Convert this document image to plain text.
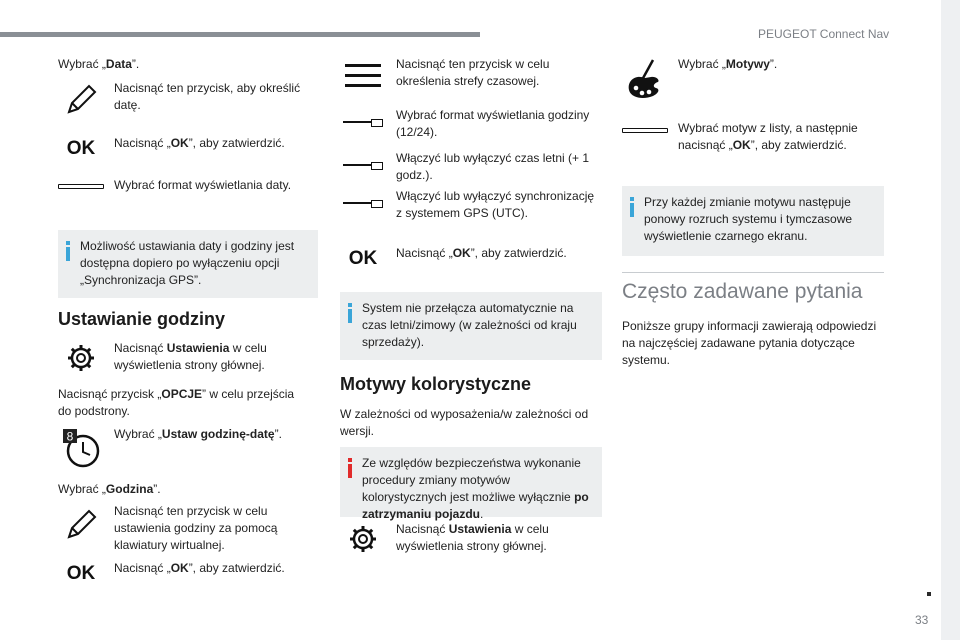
PEUGEOT Connect Nav
33
Wybrać „Data”.
Nacisnąć ten przycisk, aby określić datę.
OK Nacisnąć „OK”, aby zatwierdzić.
Wybrać format wyświetlania daty.
Możliwość ustawiania daty i godziny jest dostępna dopiero po wyłączeniu opcji „Synchronizacja GPS”.
Ustawianie godziny
Nacisnąć Ustawienia w celu wyświetlenia strony głównej.
Nacisnąć przycisk „OPCJE” w celu przejścia do podstrony.
8	Wybrać „Ustaw godzinę-datę”.
Wybrać „Godzina”.
Nacisnąć ten przycisk w celu ustawienia godziny za pomocą klawiatury wirtualnej.
OK Nacisnąć „OK”, aby zatwierdzić.
Nacisnąć ten przycisk w celu określenia strefy czasowej.
Wybrać format wyświetlania godziny (12/24).
Włączyć lub wyłączyć czas letni (+ 1 godz.).
Włączyć lub wyłączyć synchronizację z systemem GPS (UTC).
OK Nacisnąć „OK”, aby zatwierdzić.
System nie przełącza automatycznie na czas letni/zimowy (w zależności od kraju sprzedaży).
Motywy kolorystyczne
W zależności od wyposażenia/w zależności od wersji.
Ze względów bezpieczeństwa wykonanie procedury zmiany motywów kolorystycznych jest możliwe wyłącznie po zatrzymaniu pojazdu.
Nacisnąć Ustawienia w celu wyświetlenia strony głównej.
Wybrać „Motywy”.
Wybrać motyw z listy, a następnie nacisnąć „OK”, aby zatwierdzić.
Przy każdej zmianie motywu następuje ponowy rozruch systemu i tymczasowe wyświetlenie czarnego ekranu.
Często zadawane pytania
Poniższe grupy informacji zawierają odpowiedzi na najczęściej zadawane pytania dotyczące systemu.
